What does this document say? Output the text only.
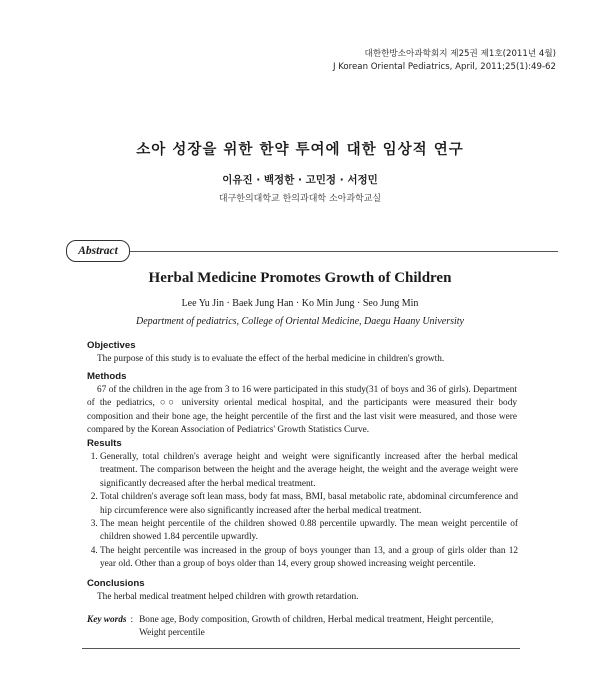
대한한방소아과학회지 제25권 제1호(2011년 4월)
J Korean Oriental Pediatrics, April, 2011;25(1):49-62
소아 성장을 위한 한약 투여에 대한 임상적 연구
이유진 · 백정한 · 고민정 · 서정민
대구한의대학교 한의과대학 소아과학교실
Abstract
Herbal Medicine Promotes Growth of Children
Lee Yu Jin · Baek Jung Han · Ko Min Jung · Seo Jung Min
Department of pediatrics, College of Oriental Medicine, Daegu Haany University
Objectives
The purpose of this study is to evaluate the effect of the herbal medicine in children's growth.
Methods
67 of the children in the age from 3 to 16 were participated in this study(31 of boys and 36 of girls). Department of the pediatrics, ○○ university oriental medical hospital, and the participants were measured their body composition and their bone age, the height percentile of the first and the last visit were measured, and those were compared by the Korean Association of Pediatrics' Growth Statistics Curve.
Results
1. Generally, total children's average height and weight were significantly increased after the herbal medical treatment. The comparison between the height and the average height, the weight and the average weight were significantly decreased after the herbal medical treatment.
2. Total children's average soft lean mass, body fat mass, BMI, basal metabolic rate, abdominal circumference and hip circumference were also significantly increased after the herbal medical treatment.
3. The mean height percentile of the children showed 0.88 percentile upwardly. The mean weight percentile of children showed 1.84 percentile upwardly.
4. The height percentile was increased in the group of boys younger than 13, and a group of girls older than 12 year old. Other than a group of boys older than 14, every group showed increasing weight percentile.
Conclusions
The herbal medical treatment helped children with growth retardation.
Key words : Bone age, Body composition, Growth of children, Herbal medical treatment, Height percentile, Weight percentile
